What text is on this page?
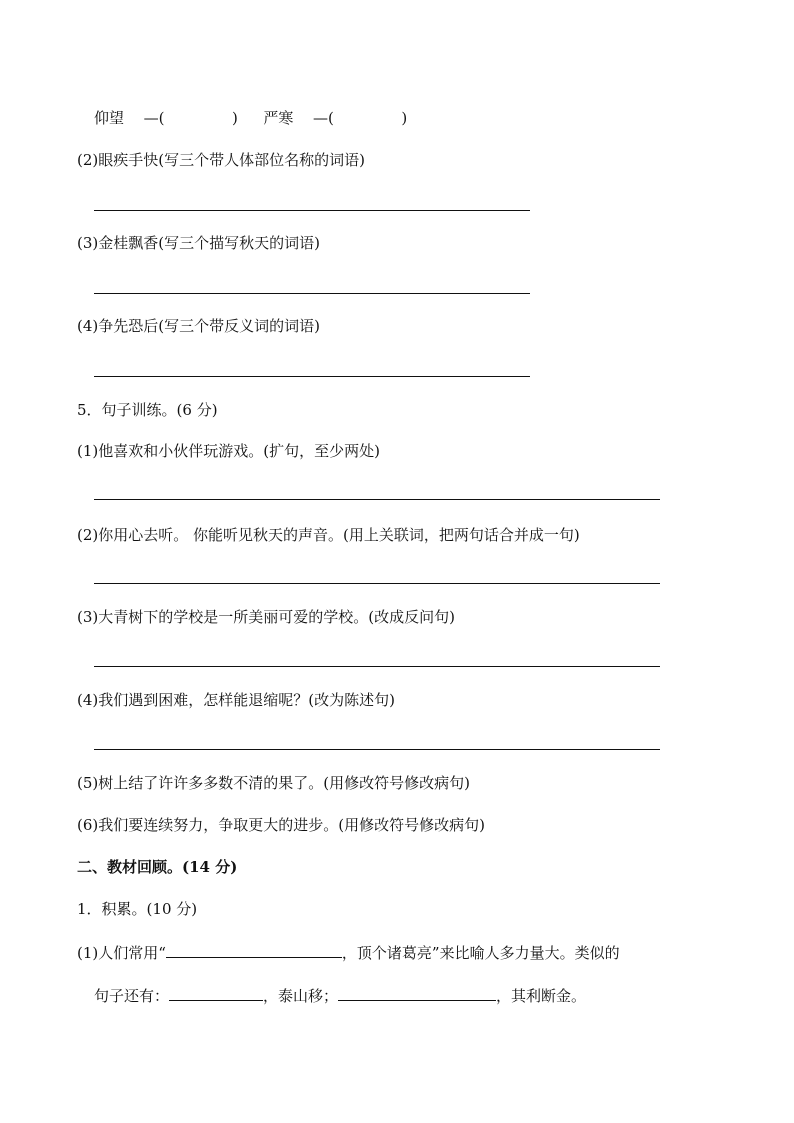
仰望 —(	) 严寒 —(	)
(2)眼疾手快(写三个带人体部位名称的词语)
(3)金桂飘香(写三个描写秋天的词语)
(4)争先恐后(写三个带反义词的词语)
5．句子训练。(6 分)
(1)他喜欢和小伙伴玩游戏。(扩句，至少两处)
(2)你用心去听。 你能听见秋天的声音。(用上关联词，把两句话合并成一句)
(3)大青树下的学校是一所美丽可爱的学校。(改成反问句)
(4)我们遇到困难，怎样能退缩呢？(改为陈述句)
(5)树上结了许许多多数不清的果了。(用修改符号修改病句)
(6)我们要连续努力，争取更大的进步。(用修改符号修改病句)
二、教材回顾。(14 分)
1．积累。(10 分)
(1)人们常用“	，顶个诸葛亮”来比喻人多力量大。类似的
句子还有：	，泰山移；	，其利断金。
